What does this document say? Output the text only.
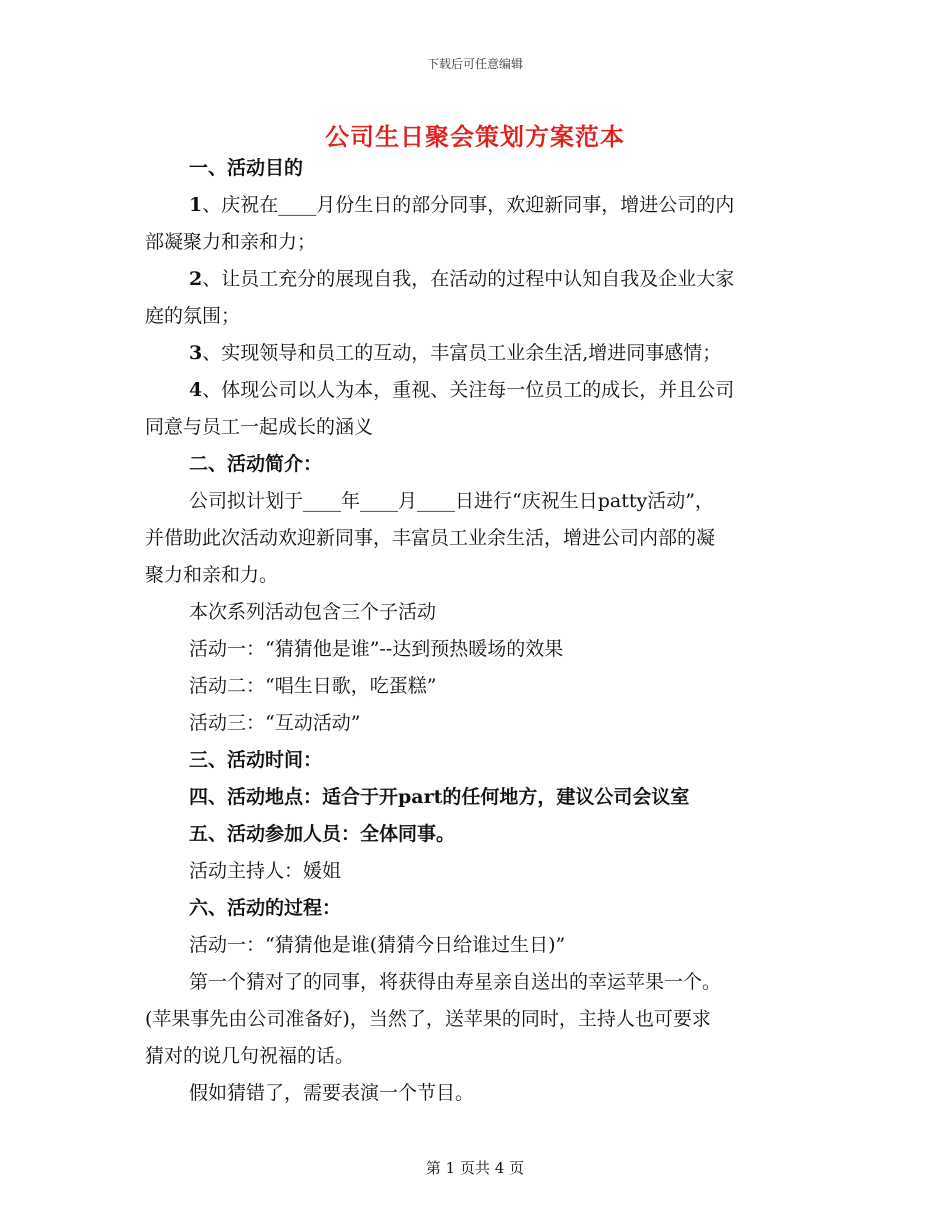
下载后可任意编辑
公司生日聚会策划方案范本
一、活动目的
1、庆祝在____月份生日的部分同事，欢迎新同事，增进公司的内
部凝聚力和亲和力；
2、让员工充分的展现自我，在活动的过程中认知自我及企业大家
庭的氛围；
3、实现领导和员工的互动，丰富员工业余生活,增进同事感情；
4、体现公司以人为本，重视、关注每一位员工的成长，并且公司
同意与员工一起成长的涵义
二、活动简介：
公司拟计划于____年____月____日进行“庆祝生日patty活动”，
并借助此次活动欢迎新同事，丰富员工业余生活，增进公司内部的凝
聚力和亲和力。
本次系列活动包含三个子活动
活动一：“猜猜他是谁”--达到预热暖场的效果
活动二：“唱生日歌，吃蛋糕”
活动三：“互动活动”
三、活动时间：
四、活动地点：适合于开part的任何地方，建议公司会议室
五、活动参加人员：全体同事。
活动主持人：媛姐
六、活动的过程：
活动一：“猜猜他是谁(猜猜今日给谁过生日)”
第一个猜对了的同事，将获得由寿星亲自送出的幸运苹果一个。
(苹果事先由公司准备好)，当然了，送苹果的同时，主持人也可要求
猜对的说几句祝福的话。
假如猜错了，需要表演一个节目。
第 1 页共 4 页
